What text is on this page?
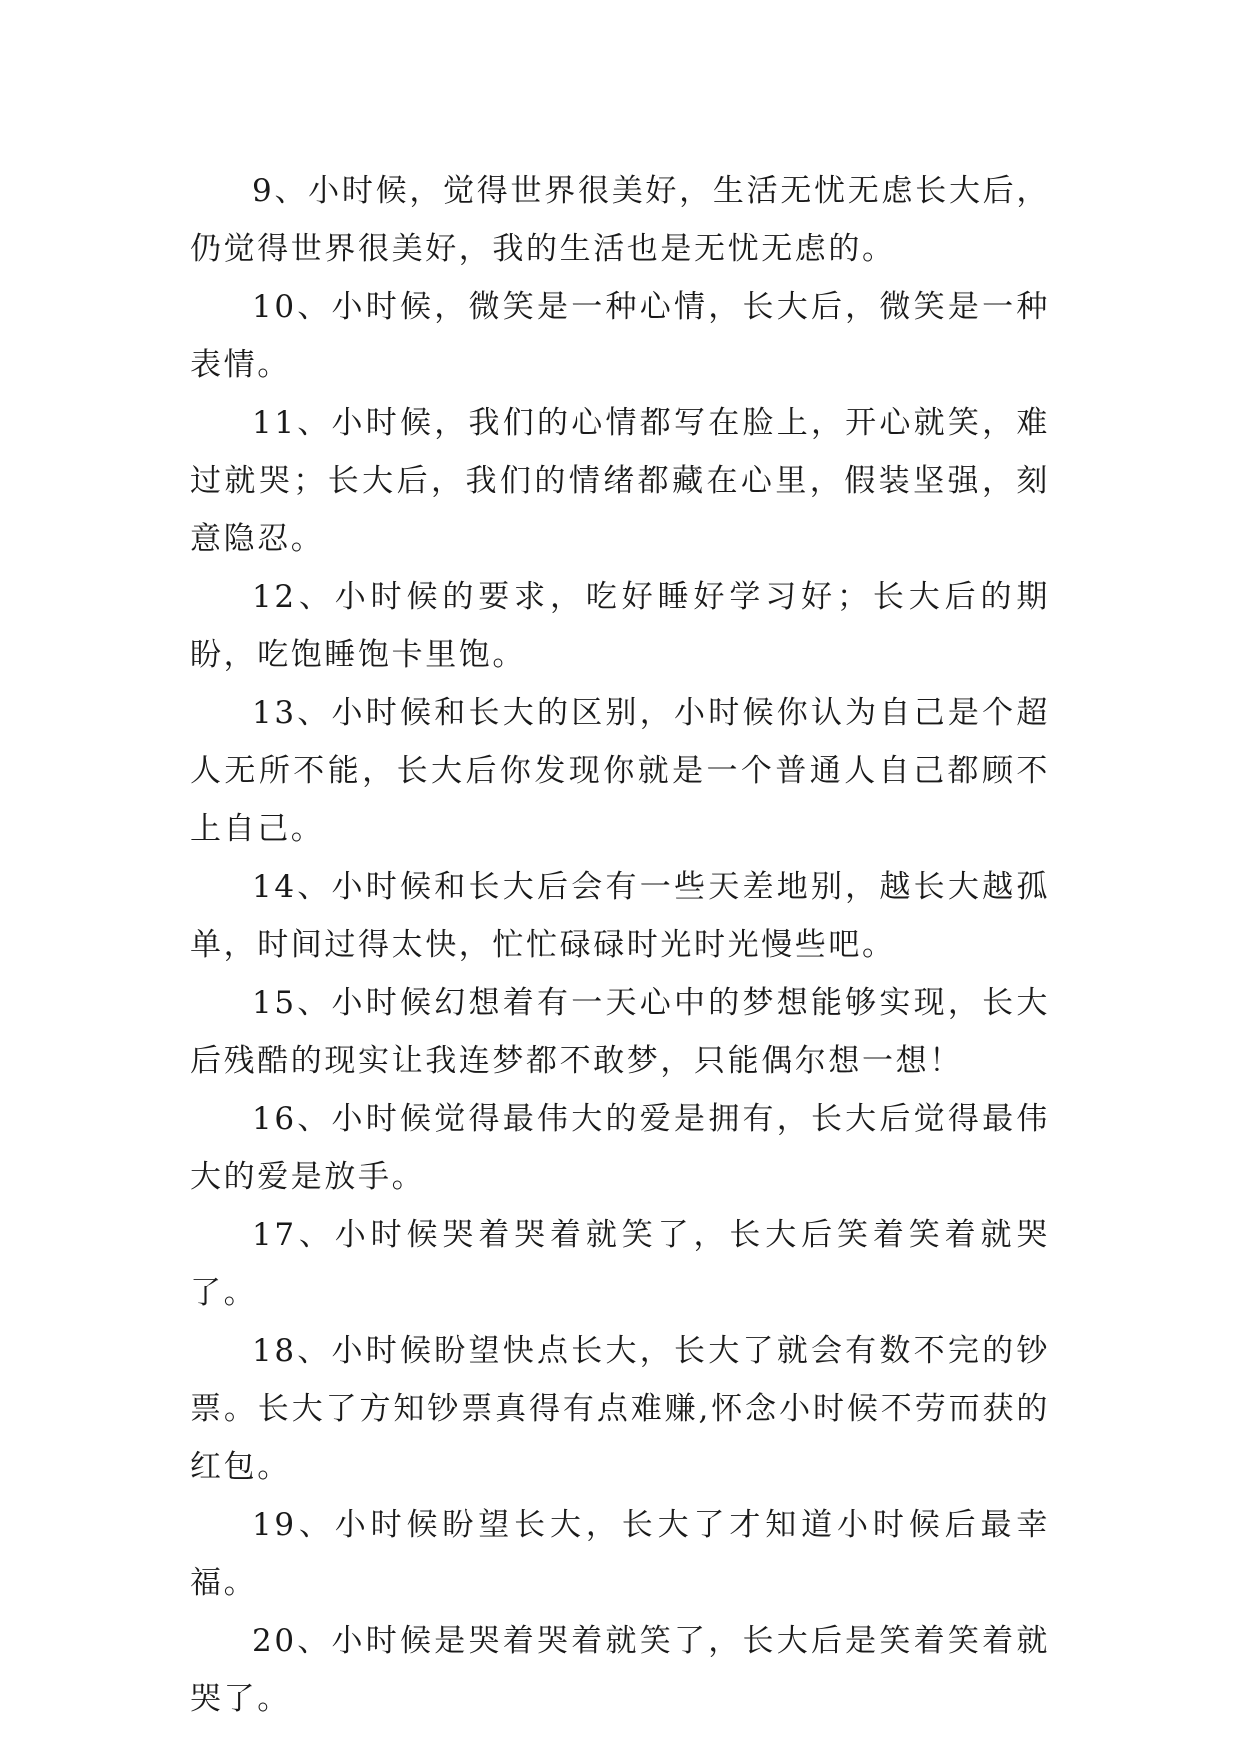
9、小时候，觉得世界很美好，生活无忧无虑长大后，仍觉得世界很美好，我的生活也是无忧无虑的。

10、小时候，微笑是一种心情，长大后，微笑是一种表情。

11、小时候，我们的心情都写在脸上，开心就笑，难过就哭；长大后，我们的情绪都藏在心里，假装坚强，刻意隐忍。

12、小时候的要求，吃好睡好学习好；长大后的期盼，吃饱睡饱卡里饱。

13、小时候和长大的区别，小时候你认为自己是个超人无所不能，长大后你发现你就是一个普通人自己都顾不上自己。

14、小时候和长大后会有一些天差地别，越长大越孤单，时间过得太快，忙忙碌碌时光时光慢些吧。

15、小时候幻想着有一天心中的梦想能够实现，长大后残酷的现实让我连梦都不敢梦，只能偶尔想一想！

16、小时候觉得最伟大的爱是拥有，长大后觉得最伟大的爱是放手。

17、小时候哭着哭着就笑了，长大后笑着笑着就哭了。

18、小时候盼望快点长大，长大了就会有数不完的钞票。长大了方知钞票真得有点难赚,怀念小时候不劳而获的红包。

19、小时候盼望长大，长大了才知道小时候后最幸福。

20、小时候是哭着哭着就笑了，长大后是笑着笑着就哭了。
